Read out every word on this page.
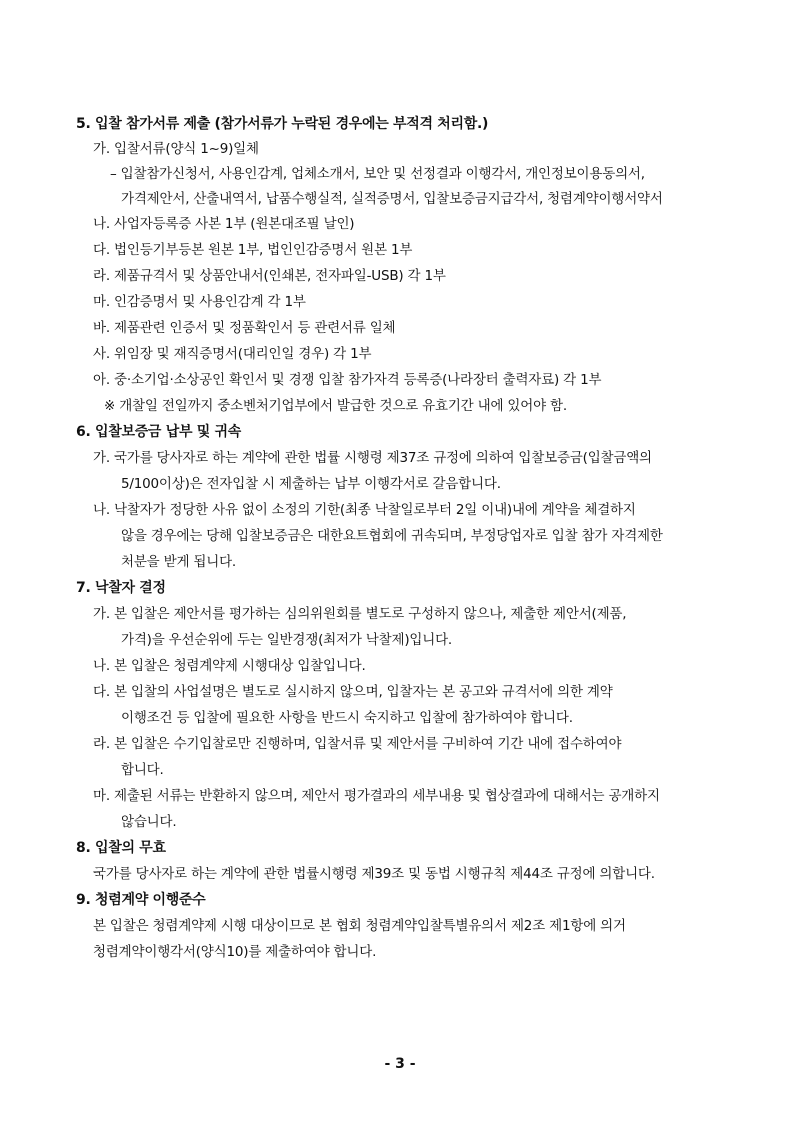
5. 입찰 참가서류 제출 (참가서류가 누락된 경우에는 부적격 처리함.)
가. 입찰서류(양식 1~9)일체
– 입찰참가신청서, 사용인감계, 업체소개서, 보안 및 선정결과 이행각서, 개인정보이용동의서,
가격제안서, 산출내역서, 납품수행실적, 실적증명서, 입찰보증금지급각서, 청렴계약이행서약서
나. 사업자등록증 사본 1부 (원본대조필 날인)
다. 법인등기부등본 원본 1부, 법인인감증명서 원본 1부
라. 제품규격서 및 상품안내서(인쇄본, 전자파일-USB) 각 1부
마. 인감증명서 및 사용인감계 각 1부
바. 제품관련 인증서 및 정품확인서 등 관련서류 일체
사. 위임장 및 재직증명서(대리인일 경우) 각 1부
아. 중·소기업·소상공인 확인서 및 경쟁 입찰 참가자격 등록증(나라장터 출력자료) 각 1부
※ 개찰일 전일까지 중소벤처기업부에서 발급한 것으로 유효기간 내에 있어야 함.
6. 입찰보증금 납부 및 귀속
가. 국가를 당사자로 하는 계약에 관한 법률 시행령 제37조 규정에 의하여 입찰보증금(입찰금액의
5/100이상)은 전자입찰 시 제출하는 납부 이행각서로 갈음합니다.
나. 낙찰자가 정당한 사유 없이 소정의 기한(최종 낙찰일로부터 2일 이내)내에 계약을 체결하지
않을 경우에는 당해 입찰보증금은 대한요트협회에 귀속되며, 부정당업자로 입찰 참가 자격제한
처분을 받게 됩니다.
7. 낙찰자 결정
가. 본 입찰은 제안서를 평가하는 심의위원회를 별도로 구성하지 않으나, 제출한 제안서(제품,
가격)을 우선순위에 두는 일반경쟁(최저가 낙찰제)입니다.
나. 본 입찰은 청렴계약제 시행대상 입찰입니다.
다. 본 입찰의 사업설명은 별도로 실시하지 않으며, 입찰자는 본 공고와 규격서에 의한 계약
이행조건 등 입찰에 필요한 사항을 반드시 숙지하고 입찰에 참가하여야 합니다.
라. 본 입찰은 수기입찰로만 진행하며, 입찰서류 및 제안서를 구비하여 기간 내에 접수하여야
합니다.
마. 제출된 서류는 반환하지 않으며, 제안서 평가결과의 세부내용 및 협상결과에 대해서는 공개하지
않습니다.
8. 입찰의 무효
국가를 당사자로 하는 계약에 관한 법률시행령 제39조 및 동법 시행규칙 제44조 규정에 의합니다.
9. 청렴계약 이행준수
본 입찰은 청렴계약제 시행 대상이므로 본 협회 청렴계약입찰특별유의서 제2조 제1항에 의거
청렴계약이행각서(양식10)를 제출하여야 합니다.
- 3 -
